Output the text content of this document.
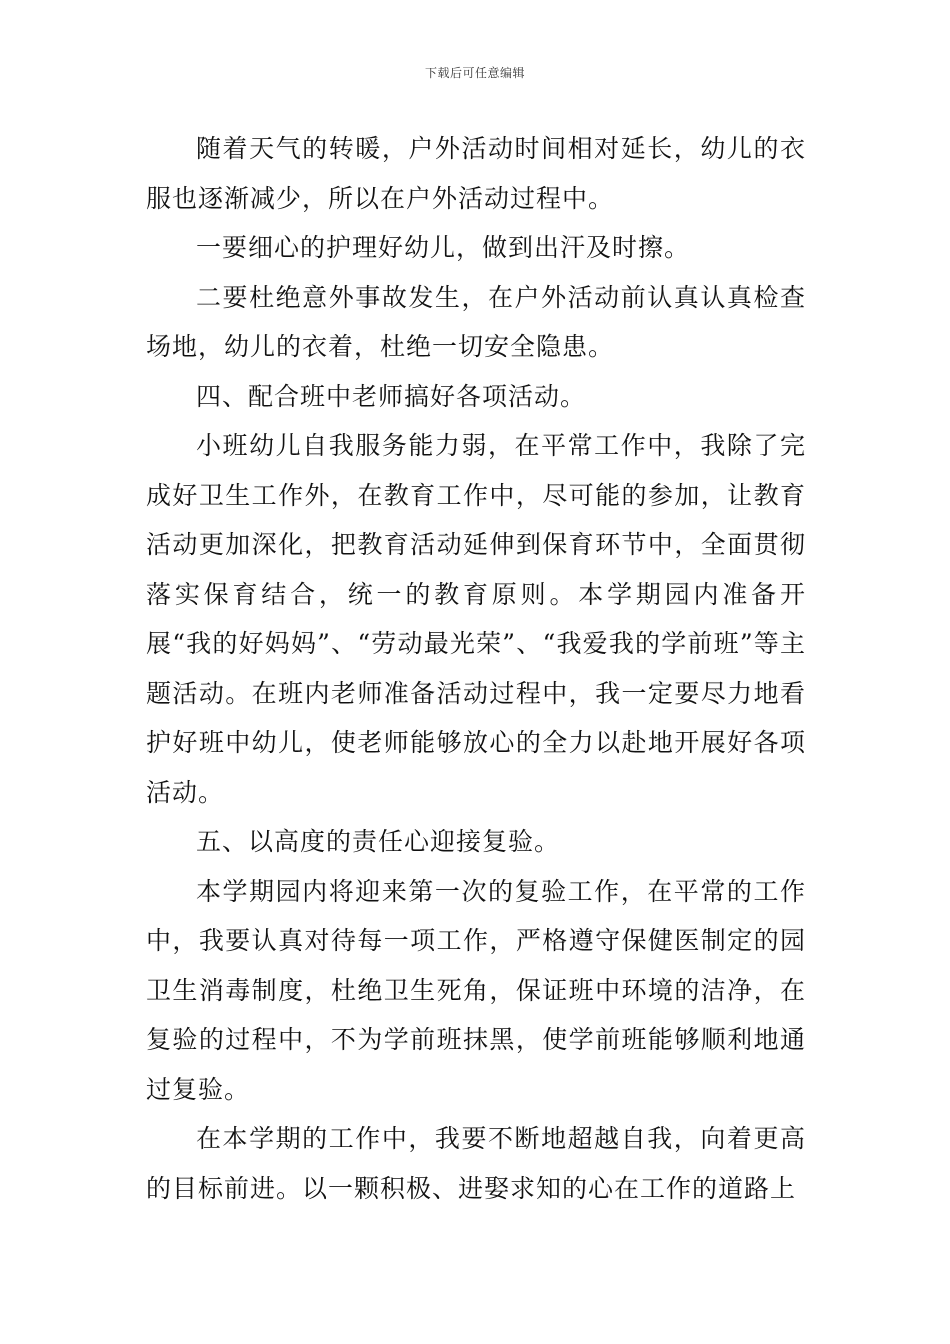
下载后可任意编辑

随着天气的转暖，户外活动时间相对延长，幼儿的衣服也逐渐减少，所以在户外活动过程中。

一要细心的护理好幼儿，做到出汗及时擦。

二要杜绝意外事故发生，在户外活动前认真认真检查场地，幼儿的衣着，杜绝一切安全隐患。

四、配合班中老师搞好各项活动。

小班幼儿自我服务能力弱，在平常工作中，我除了完成好卫生工作外，在教育工作中，尽可能的参加，让教育活动更加深化，把教育活动延伸到保育环节中，全面贯彻落实保育结合，统一的教育原则。本学期园内准备开展“我的好妈妈”、“劳动最光荣”、“我爱我的学前班”等主题活动。在班内老师准备活动过程中，我一定要尽力地看护好班中幼儿，使老师能够放心的全力以赴地开展好各项活动。

五、以高度的责任心迎接复验。

本学期园内将迎来第一次的复验工作，在平常的工作中，我要认真对待每一项工作，严格遵守保健医制定的园卫生消毒制度，杜绝卫生死角，保证班中环境的洁净，在复验的过程中，不为学前班抹黑，使学前班能够顺利地通过复验。

在本学期的工作中，我要不断地超越自我，向着更高的目标前进。以一颗积极、进娶求知的心在工作的道路上
